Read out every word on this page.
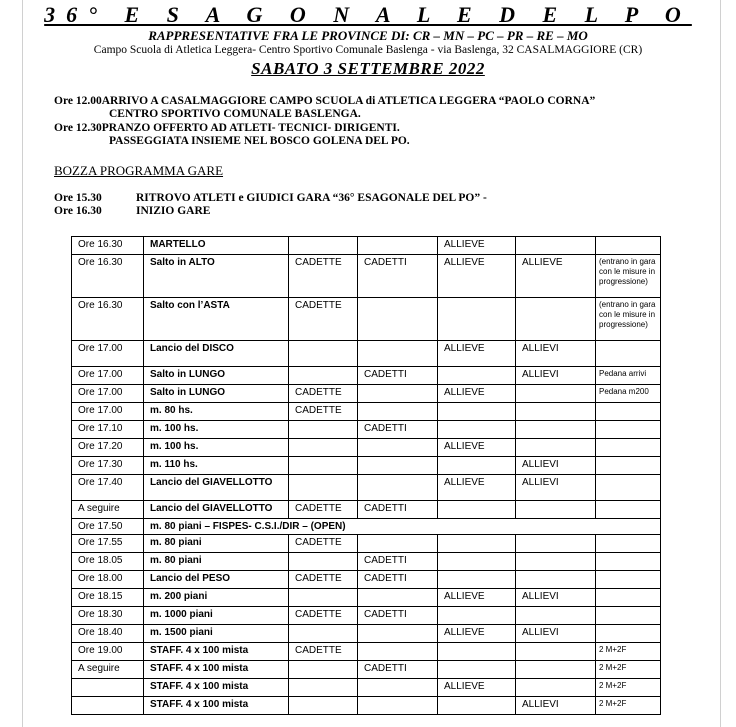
36° E S A G O N A L E D E L P O
RAPPRESENTATIVE FRA LE PROVINCE DI: CR – MN – PC – PR – RE – MO
Campo Scuola di Atletica Leggera- Centro Sportivo Comunale Baslenga - via Baslenga, 32 CASALMAGGIORE (CR)
SABATO 3 SETTEMBRE 2022
Ore 12.00ARRIVO A CASALMAGGIORE CAMPO SCUOLA di ATLETICA LEGGERA “PAOLO CORNA”
CENTRO SPORTIVO COMUNALE BASLENGA.
Ore 12.30PRANZO OFFERTO AD ATLETI- TECNICI- DIRIGENTI.
PASSEGGIATA INSIEME NEL BOSCO GOLENA DEL PO.
BOZZA PROGRAMMA GARE
Ore 15.30	RITROVO ATLETI e GIUDICI GARA “36° ESAGONALE DEL PO” -
Ore 16.30	INIZIO GARE
Ore 16.30	MARTELLO			ALLIEVE		
Ore 16.30	Salto in ALTO	CADETTE	CADETTI	ALLIEVE	ALLIEVE	(entrano in gara con le misure in progressione)
Ore 16.30	Salto con l’ASTA	CADETTE				(entrano in gara con le misure in progressione)
Ore 17.00	Lancio del DISCO			ALLIEVE	ALLIEVI	
Ore 17.00	Salto in LUNGO		CADETTI		ALLIEVI	Pedana arrivi
Ore 17.00	Salto in LUNGO	CADETTE		ALLIEVE		Pedana m200
Ore 17.00	m. 80 hs.	CADETTE				
Ore 17.10	m. 100 hs.		CADETTI			
Ore 17.20	m. 100 hs.			ALLIEVE		
Ore 17.30	m. 110 hs.				ALLIEVI	
Ore 17.40	Lancio del GIAVELLOTTO			ALLIEVE	ALLIEVI	
A seguire	Lancio del GIAVELLOTTO	CADETTE	CADETTI			
Ore 17.50	m. 80 piani – FISPES- C.S.I./DIR – (OPEN)					
Ore 17.55	m. 80 piani	CADETTE				
Ore 18.05	m. 80 piani		CADETTI			
Ore 18.00	Lancio del PESO	CADETTE	CADETTI			
Ore 18.15	m. 200 piani			ALLIEVE	ALLIEVI	
Ore 18.30	m. 1000 piani	CADETTE	CADETTI			
Ore 18.40	m. 1500 piani			ALLIEVE	ALLIEVI	
Ore 19.00	STAFF. 4 x 100 mista	CADETTE				2 M+2F
A seguire	STAFF. 4 x 100 mista		CADETTI			2 M+2F
	STAFF. 4 x 100 mista			ALLIEVE		2 M+2F
	STAFF. 4 x 100 mista				ALLIEVI	2 M+2F
